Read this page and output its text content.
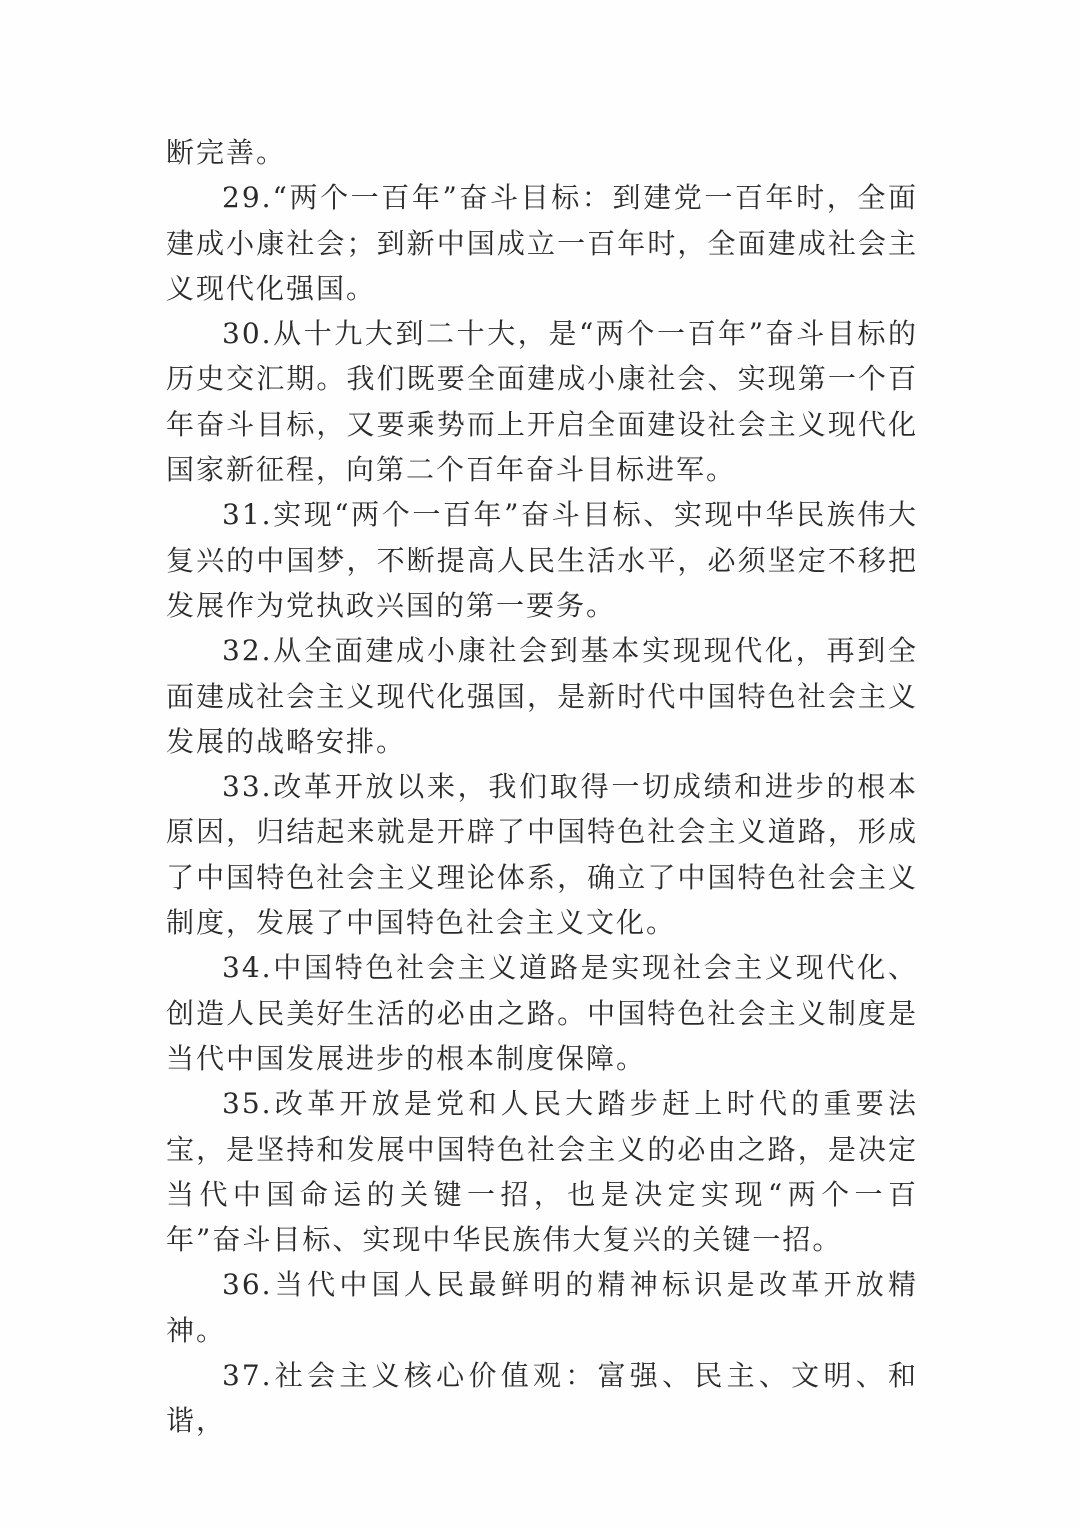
断完善。

29.“两个一百年”奋斗目标：到建党一百年时，全面建成小康社会；到新中国成立一百年时，全面建成社会主义现代化强国。

30.从十九大到二十大，是“两个一百年”奋斗目标的历史交汇期。我们既要全面建成小康社会、实现第一个百年奋斗目标，又要乘势而上开启全面建设社会主义现代化国家新征程，向第二个百年奋斗目标进军。

31.实现“两个一百年”奋斗目标、实现中华民族伟大复兴的中国梦，不断提高人民生活水平，必须坚定不移把发展作为党执政兴国的第一要务。

32.从全面建成小康社会到基本实现现代化，再到全面建成社会主义现代化强国，是新时代中国特色社会主义发展的战略安排。

33.改革开放以来，我们取得一切成绩和进步的根本原因，归结起来就是开辟了中国特色社会主义道路，形成了中国特色社会主义理论体系，确立了中国特色社会主义制度，发展了中国特色社会主义文化。

34.中国特色社会主义道路是实现社会主义现代化、创造人民美好生活的必由之路。中国特色社会主义制度是当代中国发展进步的根本制度保障。

35.改革开放是党和人民大踏步赶上时代的重要法宝，是坚持和发展中国特色社会主义的必由之路，是决定当代中国命运的关键一招，也是决定实现“两个一百年”奋斗目标、实现中华民族伟大复兴的关键一招。

36.当代中国人民最鲜明的精神标识是改革开放精神。

37.社会主义核心价值观：富强、民主、文明、和谐，
